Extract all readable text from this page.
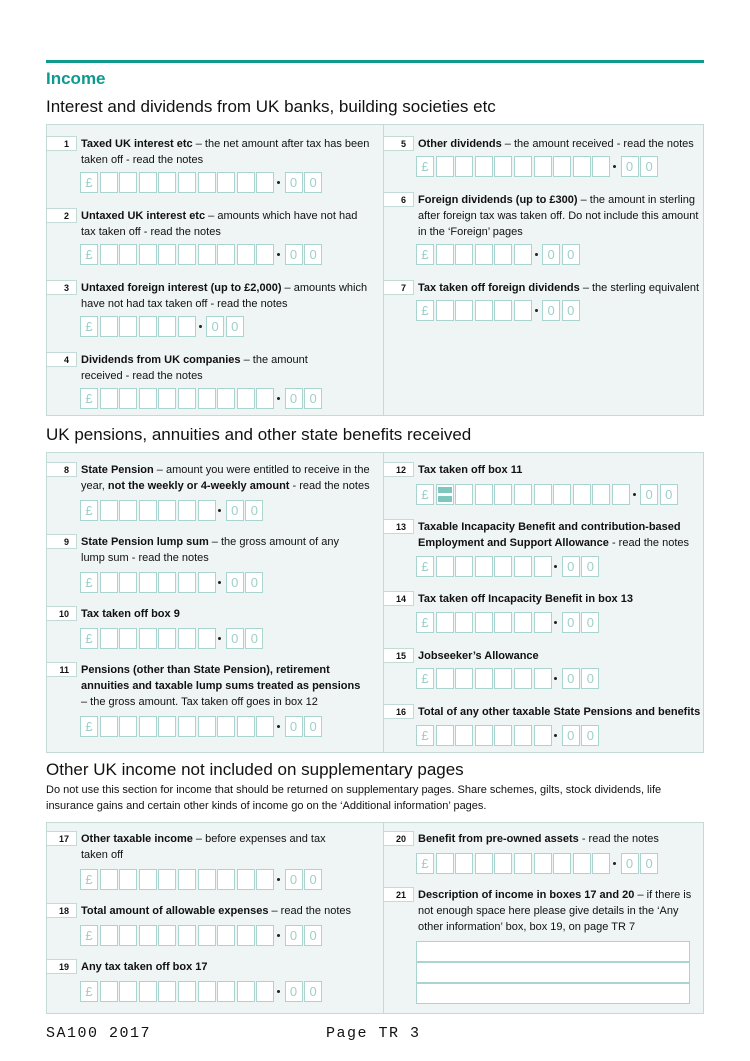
Income
Interest and dividends from UK banks, building societies etc
1	Taxed UK interest etc – the net amount after tax has been taken off - read the notes
£	0 0
2	Untaxed UK interest etc – amounts which have not had tax taken off - read the notes
£	0 0
3	Untaxed foreign interest (up to £2,000) – amounts which have not had tax taken off - read the notes
£	0 0
4	Dividends from UK companies – the amount received - read the notes
£	0 0
5	Other dividends – the amount received - read the notes
£	0 0
6	Foreign dividends (up to £300) – the amount in sterling after foreign tax was taken off. Do not include this amount in the ‘Foreign’ pages
£	0 0
7	Tax taken off foreign dividends – the sterling equivalent
£	0 0
UK pensions, annuities and other state benefits received
8	State Pension – amount you were entitled to receive in the year, not the weekly or 4-weekly amount - read the notes
£	0 0
9	State Pension lump sum – the gross amount of any lump sum - read the notes
£	0 0
10	Tax taken off box 9
£	0 0
11	Pensions (other than State Pension), retirement annuities and taxable lump sums treated as pensions – the gross amount. Tax taken off goes in box 12
£	0 0
12	Tax taken off box 11
£	0 0
13	Taxable Incapacity Benefit and contribution-based Employment and Support Allowance - read the notes
£	0 0
14	Tax taken off Incapacity Benefit in box 13
£	0 0
15	Jobseeker’s Allowance
£	0 0
16	Total of any other taxable State Pensions and benefits
£	0 0
Other UK income not included on supplementary pages
Do not use this section for income that should be returned on supplementary pages. Share schemes, gilts, stock dividends, life insurance gains and certain other kinds of income go on the ‘Additional information’ pages.
17	Other taxable income – before expenses and tax taken off
£	0 0
18	Total amount of allowable expenses – read the notes
£	0 0
19	Any tax taken off box 17
£	0 0
20	Benefit from pre-owned assets - read the notes
£	0 0
21	Description of income in boxes 17 and 20 – if there is not enough space here please give details in the ‘Any other information’ box, box 19, on page TR 7
SA100 2017	Page TR 3
